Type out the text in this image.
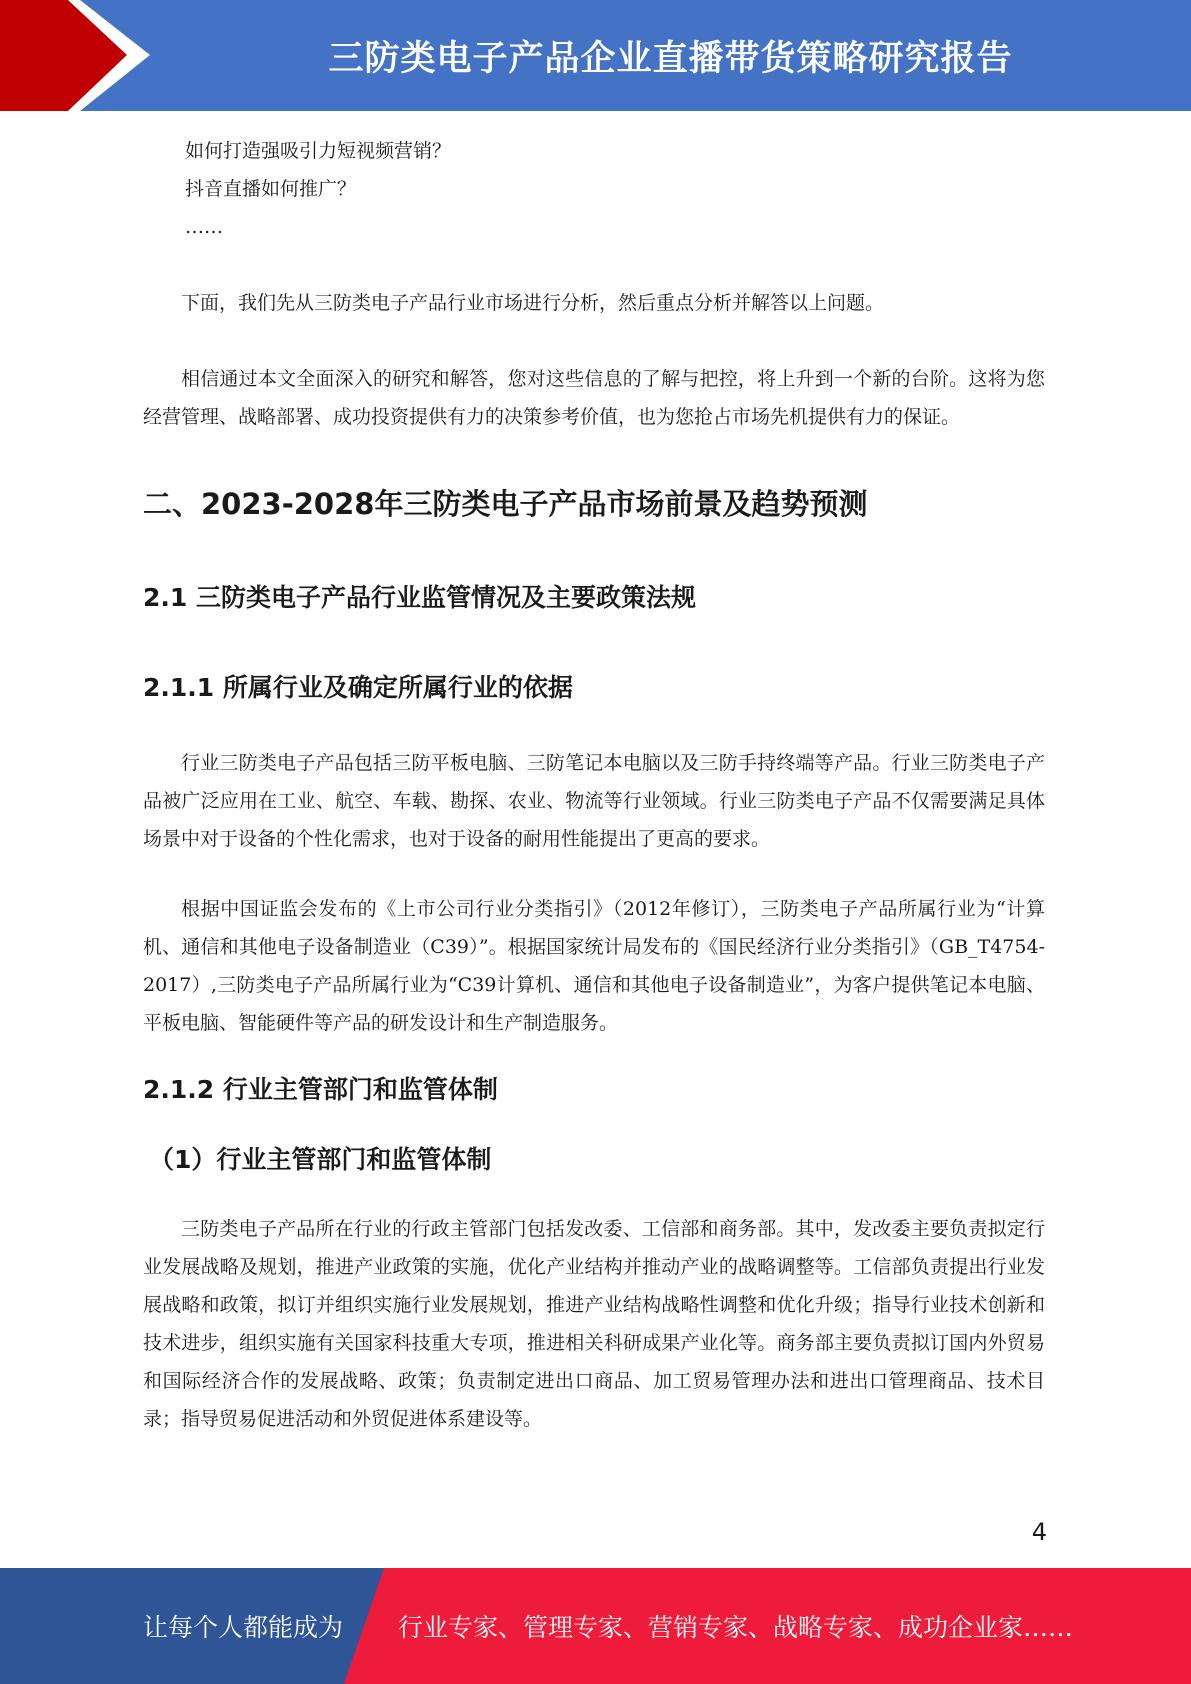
三防类电子产品企业直播带货策略研究报告

如何打造强吸引力短视频营销？

抖音直播如何推广？

……

下面，我们先从三防类电子产品行业市场进行分析，然后重点分析并解答以上问题。

相信通过本文全面深入的研究和解答，您对这些信息的了解与把控，将上升到一个新的台阶。这将为您经营管理、战略部署、成功投资提供有力的决策参考价值，也为您抢占市场先机提供有力的保证。

二、2023-2028年三防类电子产品市场前景及趋势预测
2.1 三防类电子产品行业监管情况及主要政策法规
2.1.1 所属行业及确定所属行业的依据

行业三防类电子产品包括三防平板电脑、三防笔记本电脑以及三防手持终端等产品。行业三防类电子产品被广泛应用在工业、航空、车载、勘探、农业、物流等行业领域。行业三防类电子产品不仅需要满足具体场景中对于设备的个性化需求，也对于设备的耐用性能提出了更高的要求。

根据中国证监会发布的《上市公司行业分类指引》（2012年修订），三防类电子产品所属行业为“计算机、通信和其他电子设备制造业（C39）”。根据国家统计局发布的《国民经济行业分类指引》（GB_T4754-2017）,三防类电子产品所属行业为“C39计算机、通信和其他电子设备制造业”，为客户提供笔记本电脑、平板电脑、智能硬件等产品的研发设计和生产制造服务。

2.1.2 行业主管部门和监管体制
（1）行业主管部门和监管体制

三防类电子产品所在行业的行政主管部门包括发改委、工信部和商务部。其中，发改委主要负责拟定行业发展战略及规划，推进产业政策的实施，优化产业结构并推动产业的战略调整等。工信部负责提出行业发展战略和政策，拟订并组织实施行业发展规划，推进产业结构战略性调整和优化升级；指导行业技术创新和技术进步，组织实施有关国家科技重大专项，推进相关科研成果产业化等。商务部主要负责拟订国内外贸易和国际经济合作的发展战略、政策；负责制定进出口商品、加工贸易管理办法和进出口管理商品、技术目录；指导贸易促进活动和外贸促进体系建设等。

4
让每个人都能成为 行业专家、管理专家、营销专家、战略专家、成功企业家……
